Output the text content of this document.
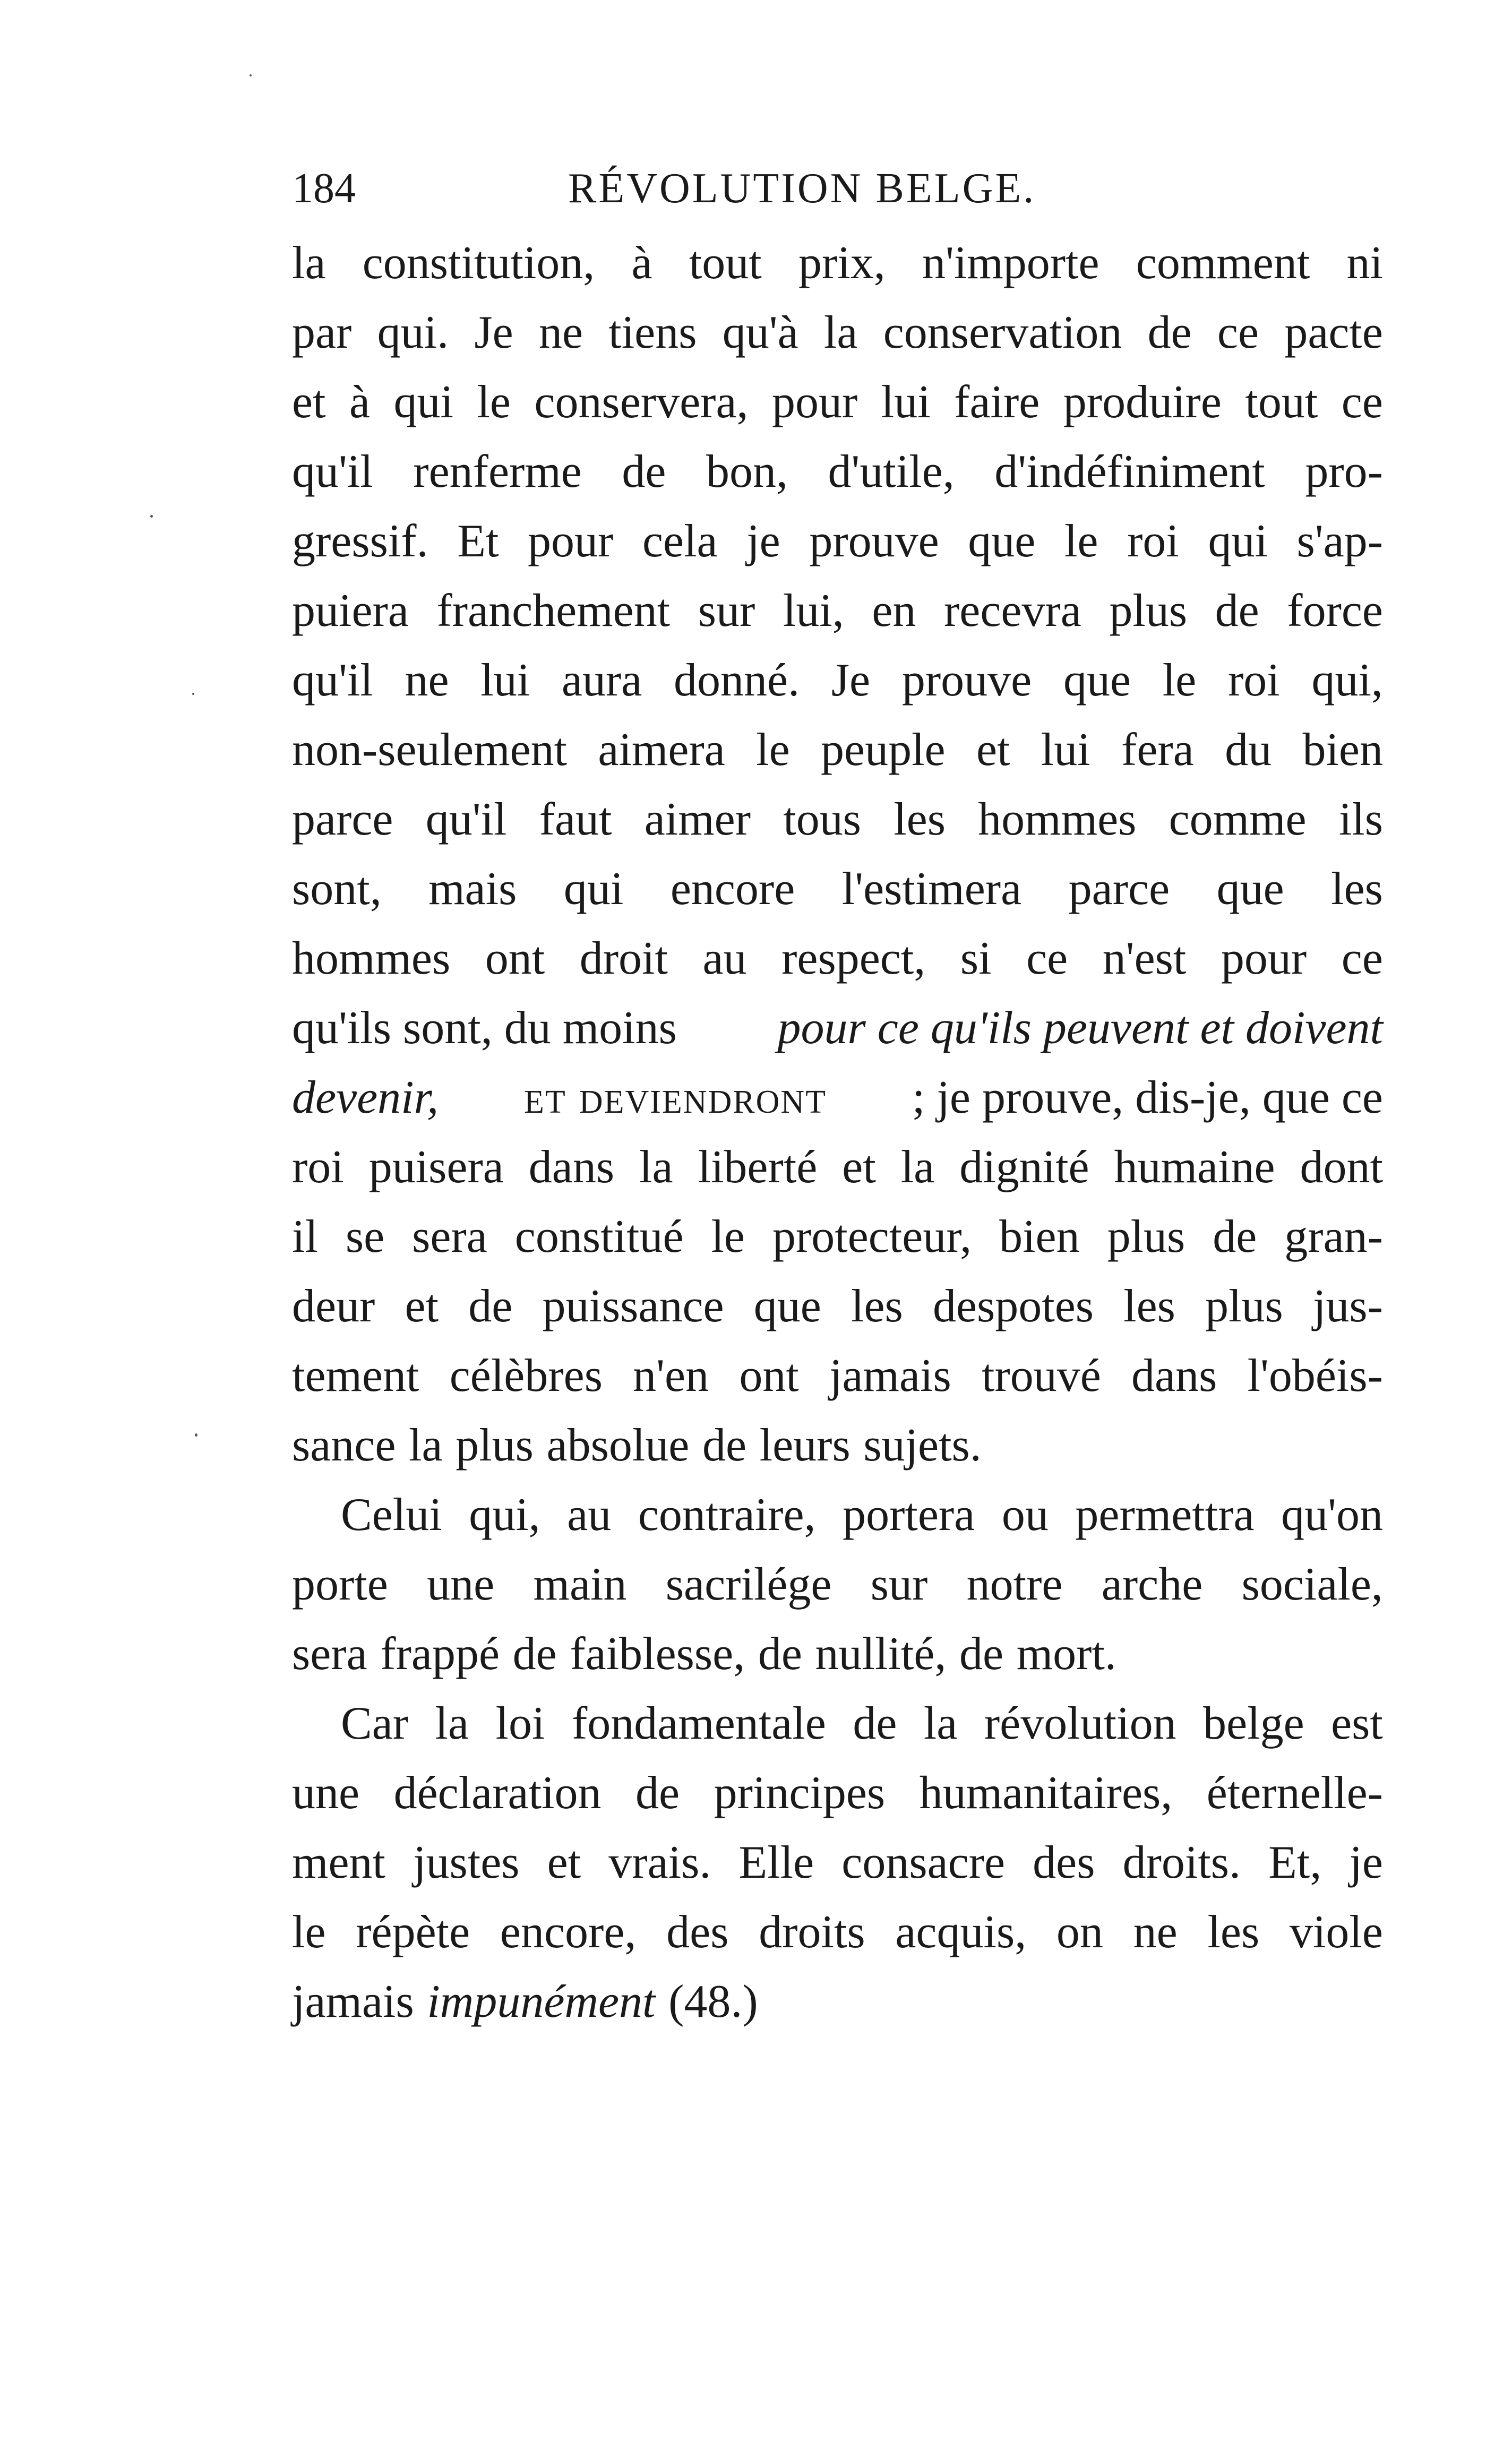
184	RÉVOLUTION BELGE.
la constitution, à tout prix, n'importe comment ni
par qui. Je ne tiens qu'à la conservation de ce pacte
et à qui le conservera, pour lui faire produire tout ce
qu'il renferme de bon, d'utile, d'indéfiniment pro-
gressif. Et pour cela je prouve que le roi qui s'ap-
puiera franchement sur lui, en recevra plus de force
qu'il ne lui aura donné. Je prouve que le roi qui,
non-seulement aimera le peuple et lui fera du bien
parce qu'il faut aimer tous les hommes comme ils
sont, mais qui encore l'estimera parce que les
hommes ont droit au respect, si ce n'est pour ce
qu'ils sont, du moins pour ce qu'ils peuvent et doivent
devenir, et deviendront ; je prouve, dis-je, que ce
roi puisera dans la liberté et la dignité humaine dont
il se sera constitué le protecteur, bien plus de gran-
deur et de puissance que les despotes les plus jus-
tement célèbres n'en ont jamais trouvé dans l'obéis-
sance la plus absolue de leurs sujets.
Celui qui, au contraire, portera ou permettra qu'on
porte une main sacrilége sur notre arche sociale,
sera frappé de faiblesse, de nullité, de mort.
Car la loi fondamentale de la révolution belge est
une déclaration de principes humanitaires, éternelle-
ment justes et vrais. Elle consacre des droits. Et, je
le répète encore, des droits acquis, on ne les viole
jamais impunément (48.)
